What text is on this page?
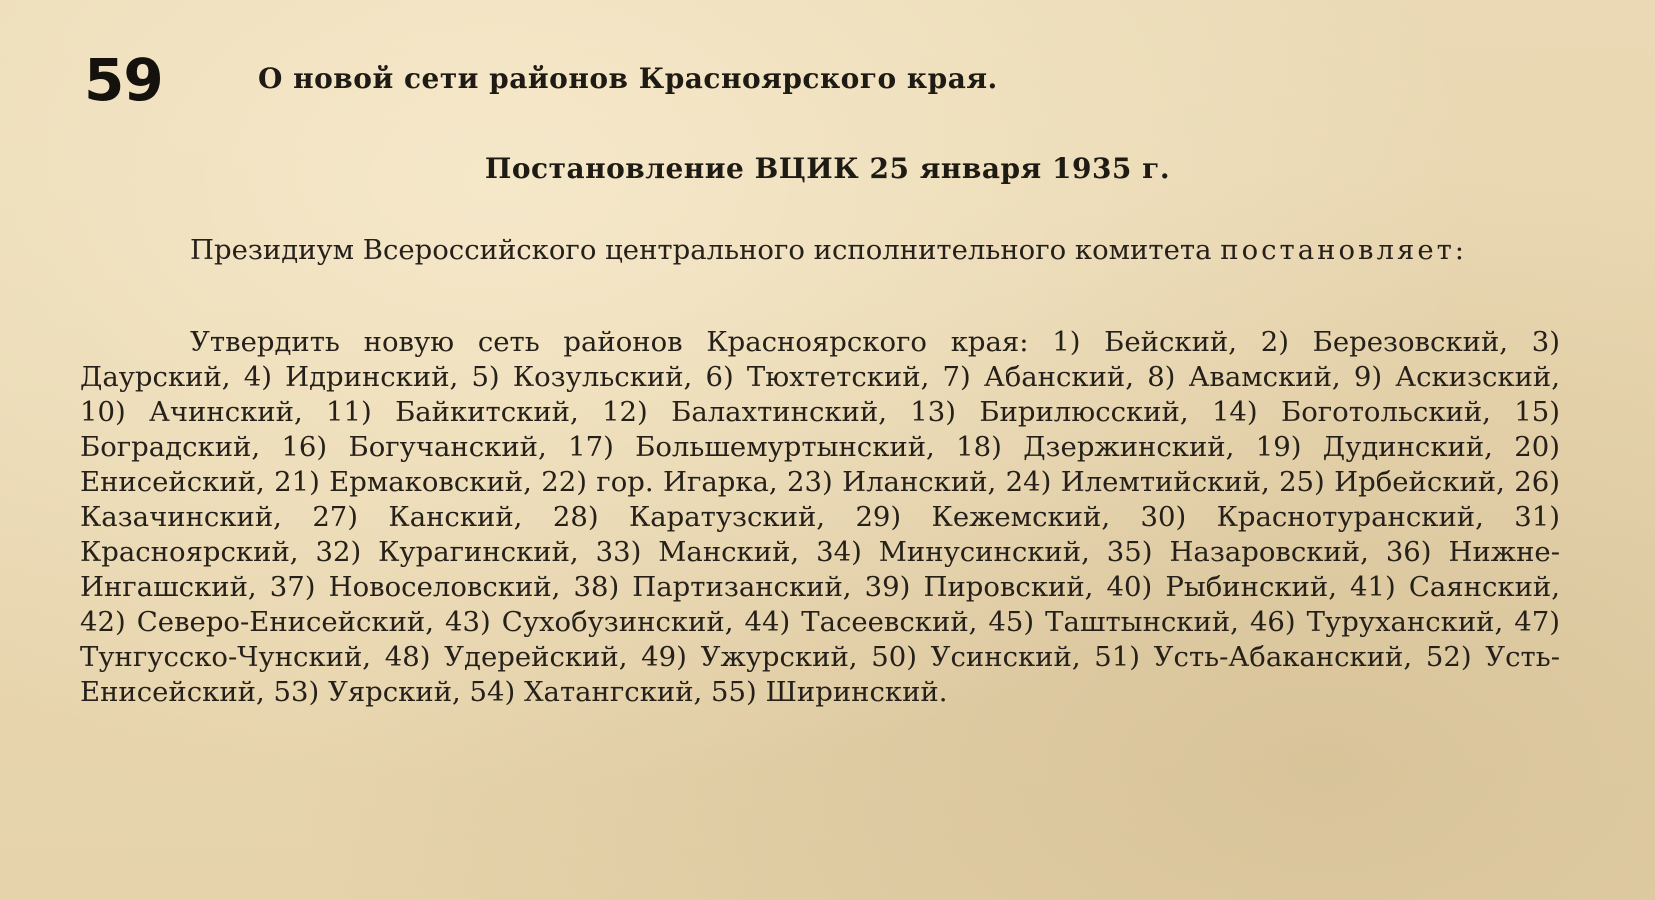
59	О новой сети районов Красноярского края.
Постановление ВЦИК 25 января 1935 г.
Президиум Всероссийского центрального исполнительного комитета постановляет:
Утвердить новую сеть районов Красноярского края: 1) Бейский, 2) Березовский, 3) Даурский, 4) Идринский, 5) Козульский, 6) Тюхтетский, 7) Абанский, 8) Авамский, 9) Аскизский, 10) Ачинский, 11) Байкитский, 12) Балахтинский, 13) Бирилюсский, 14) Боготольский, 15) Боградский, 16) Богучанский, 17) Большемуртынский, 18) Дзержинский, 19) Дудинский, 20) Енисейский, 21) Ермаковский, 22) гор. Игарка, 23) Иланский, 24) Илемтийский, 25) Ирбейский, 26) Казачинский, 27) Канский, 28) Каратузский, 29) Кежемский, 30) Краснотуранский, 31) Красноярский, 32) Курагинский, 33) Манский, 34) Минусинский, 35) Назаровский, 36) Нижне-Ингашский, 37) Новоселовский, 38) Партизанский, 39) Пировский, 40) Рыбинский, 41) Саянский, 42) Северо-Енисейский, 43) Сухобузинский, 44) Тасеевский, 45) Таштынский, 46) Туруханский, 47) Тунгусско-Чунский, 48) Удерейский, 49) Ужурский, 50) Усинский, 51) Усть-Абаканский, 52) Усть-Енисейский, 53) Уярский, 54) Хатангский, 55) Ширинский.
